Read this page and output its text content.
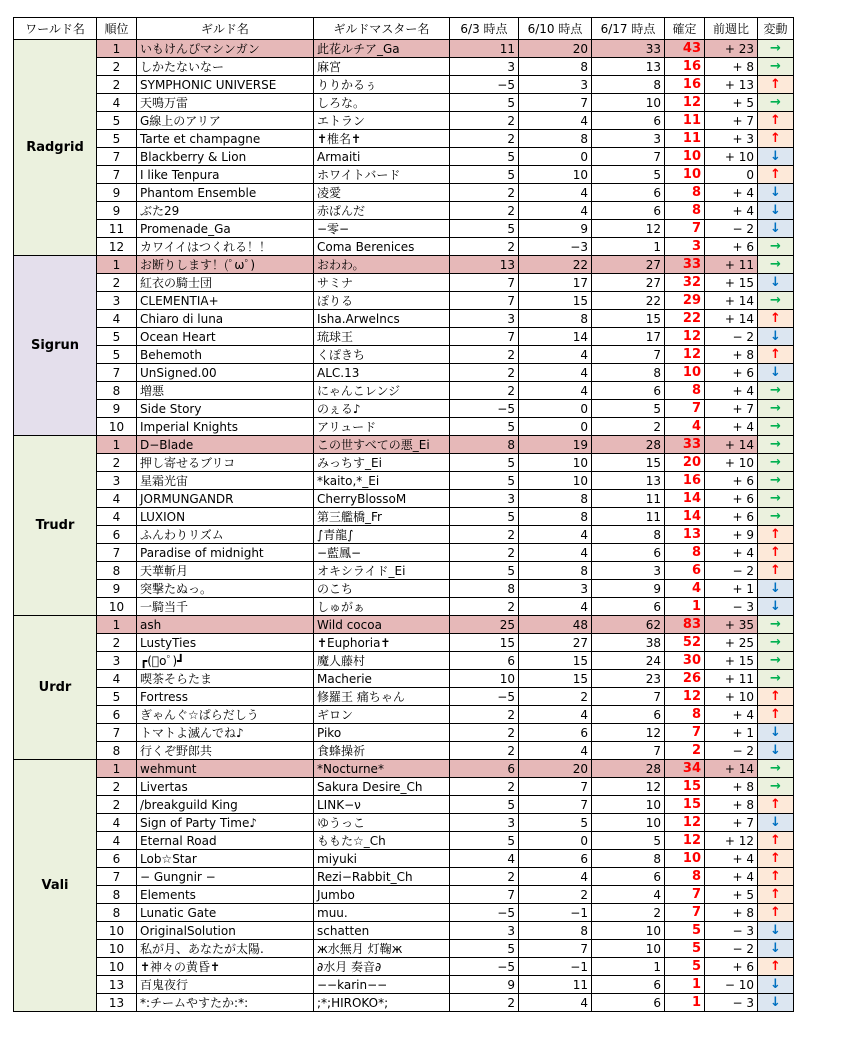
ワールド名	順位	ギルド名	ギルドマスター名	6/3 時点	6/10 時点	6/17 時点	確定	前週比	変動
Radgrid	1	いもけんぴマシンガン	此花ルチア_Ga	11	20	33	43	+ 23	→
	2	しかたないなー	麻宮	3	8	13	16	+ 8	→
	2	SYMPHONIC UNIVERSE	りりかるぅ	−5	3	8	16	+ 13	↑
	4	天鳴万雷	しろな。	5	7	10	12	+ 5	→
	5	G線上のアリア	エトラン	2	4	6	11	+ 7	↑
	5	Tarte et champagne	✝椎名✝	2	8	3	11	+ 3	↑
	7	Blackberry & Lion	Armaiti	5	0	7	10	+ 10	↓
	7	I like Tenpura	ホワイトバード	5	10	5	10	0	↑
	9	Phantom Ensemble	凌愛	2	4	6	8	+ 4	↓
	9	ぶた29	赤ぱんだ	2	4	6	8	+ 4	↓
	11	Promenade_Ga	−零−	5	9	12	7	− 2	↓
	12	カワイイはつくれる！！	Coma Berenices	2	−3	1	3	+ 6	→
Sigrun	1	お断りします！(ﾟωﾟ)	おわわ。	13	22	27	33	+ 11	→
	2	紅衣の騎士団	サミナ	7	17	27	32	+ 15	↓
	3	CLEMENTIA+	ぽりる	7	15	22	29	+ 14	→
	4	Chiaro di luna	Isha.Arwelncs	3	8	15	22	+ 14	↑
	5	Ocean Heart	琉球王	7	14	17	12	− 2	↓
	5	Behemoth	くぽきち	2	4	7	12	+ 8	↑
	7	UnSigned.00	ALC.13	2	4	8	10	+ 6	↓
	8	増悪	にゃんこレンジ	2	4	6	8	+ 4	→
	9	Side Story	のぇる♪	−5	0	5	7	+ 7	→
	10	Imperial Knights	アリュード	5	0	2	4	+ 4	→
Trudr	1	D−Blade	この世すべての悪_Ei	8	19	28	33	+ 14	→
	2	押し寄せるブリコ	みっちす_Ei	5	10	15	20	+ 10	→
	3	星霜光宙	*kaito,*_Ei	5	10	13	16	+ 6	→
	4	JORMUNGANDR	CherryBlossoM	3	8	11	14	+ 6	→
	4	LUXION	第三艦橋_Fr	5	8	11	14	+ 6	→
	6	ふんわりリズム	∫青龍∫	2	4	8	13	+ 9	↑
	7	Paradise of midnight	−藍鳳−	2	4	6	8	+ 4	↑
	8	天華斬月	オキシライド_Ei	5	8	3	6	− 2	↑
	9	突撃たぬっ。	のこち	8	3	9	4	+ 1	↓
	10	一騎当千	しゅがぁ	2	4	6	1	− 3	↓
Urdr	1	ash	Wild cocoa	25	48	62	83	+ 35	→
	2	LustyTies	✝Euphoria✝	15	27	38	52	+ 25	→
	3	┏(ﾟoﾟ)┛	魔人藤村	6	15	24	30	+ 15	→
	4	喫茶そらたま	Macherie	10	15	23	26	+ 11	→
	5	Fortress	修羅王 痛ちゃん	−5	2	7	12	+ 10	↑
	6	ぎゃんぐ☆ぱらだしう	ギロン	2	4	6	8	+ 4	↑
	7	トマトよ滅んでね♪	Piko	2	6	12	7	+ 1	↓
	8	行くぞ野郎共	食蜂操祈	2	4	7	2	− 2	↓
Vali	1	wehmunt	*Nocturne*	6	20	28	34	+ 14	→
	2	Livertas	Sakura Desire_Ch	2	7	12	15	+ 8	→
	2	/breakguild King	LINK−ν	5	7	10	15	+ 8	↑
	4	Sign of Party Time♪	ゆうっこ	3	5	10	12	+ 7	↓
	4	Eternal Road	ももた☆_Ch	5	0	5	12	+ 12	↑
	6	Lob☆Star	miyuki	4	6	8	10	+ 4	↑
	7	− Gungnir −	Rezi−Rabbit_Ch	2	4	6	8	+ 4	↑
	8	Elements	Jumbo	7	2	4	7	+ 5	↑
	8	Lunatic Gate	muu.	−5	−1	2	7	+ 8	↑
	10	OriginalSolution	schatten	3	8	10	5	− 3	↓
	10	私が月、あなたが太陽.	ж水無月 灯鞠ж	5	7	10	5	− 2	↓
	10	✝神々の黄昏✝	∂水月 奏音∂	−5	−1	1	5	+ 6	↑
	13	百鬼夜行	−−karin−−	9	11	6	1	− 10	↓
	13	*:チームやすたか:*:	;*;HIROKO*;	2	4	6	1	− 3	↓
